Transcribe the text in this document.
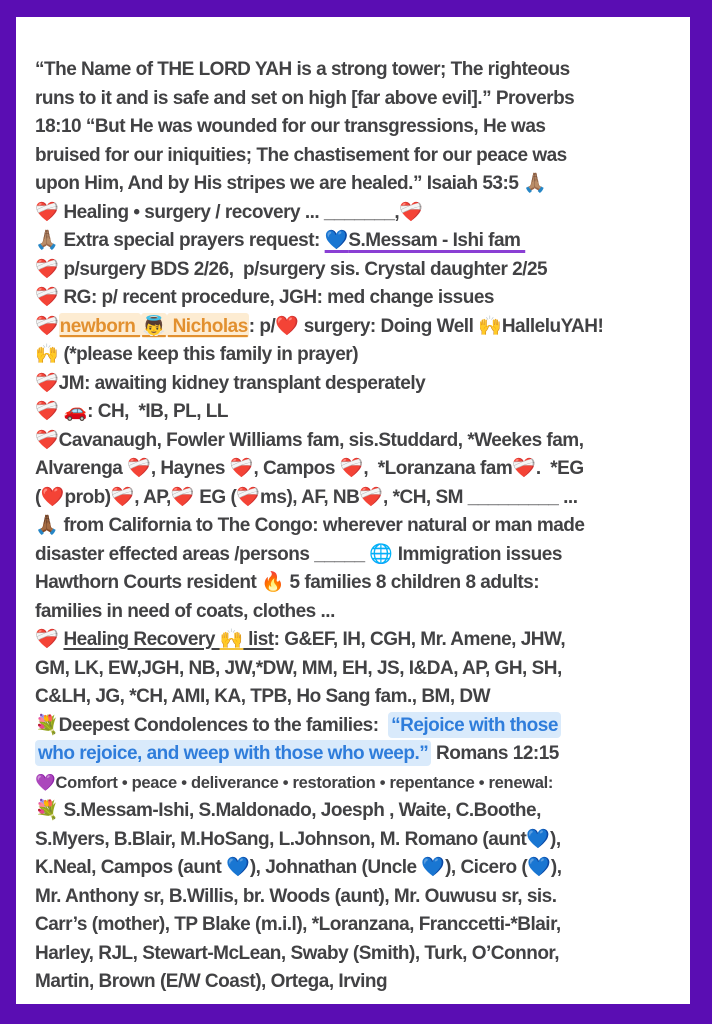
“The Name of THE LORD YAH is a strong tower; The righteous
runs to it and is safe and set on high [far above evil].” Proverbs
18:10 “But He was wounded for our transgressions, He was
bruised for our iniquities; The chastisement for our peace was
upon Him, And by His stripes we are healed.” Isaiah 53:5 🙏🏽
❤️‍🩹 Healing • surgery / recovery ... _______,❤️‍🩹
🙏🏽 Extra special prayers request: 💙S.Messam - Ishi fam
❤️‍🩹 p/surgery BDS 2/26,  p/surgery sis. Crystal daughter 2/25
❤️‍🩹 RG: p/ recent procedure, JGH: med change issues
❤️‍🩹newborn 👼 Nicholas: p/❤️ surgery: Doing Well 🙌HalleluYAH!
🙌 (*please keep this family in prayer)
❤️‍🩹JM: awaiting kidney transplant desperately
❤️‍🩹 🚗: CH,  *IB, PL, LL
❤️‍🩹Cavanaugh, Fowler Williams fam, sis.Studdard, *Weekes fam,
Alvarenga ❤️‍🩹, Haynes ❤️‍🩹, Campos ❤️‍🩹,  *Loranzana fam❤️‍🩹.  *EG
(❤️prob)❤️‍🩹, AP,❤️‍🩹 EG (❤️‍🩹ms), AF, NB❤️‍🩹, *CH, SM _________ ...
🙏🏾 from California to The Congo: wherever natural or man made
disaster effected areas /persons _____ 🌐 Immigration issues
Hawthorn Courts resident 🔥 5 families 8 children 8 adults:
families in need of coats, clothes ...
❤️‍🩹 Healing Recovery 🙌 list: G&EF, IH, CGH, Mr. Amene, JHW,
GM, LK, EW,JGH, NB, JW,*DW, MM, EH, JS, I&DA, AP, GH, SH,
C&LH, JG, *CH, AMI, KA, TPB, Ho Sang fam., BM, DW
💐Deepest Condolences to the families:  “Rejoice with those
who rejoice, and weep with those who weep.” Romans 12:15
💜Comfort • peace • deliverance • restoration • repentance • renewal:
💐 S.Messam-Ishi, S.Maldonado, Joesph , Waite, C.Boothe,
S.Myers, B.Blair, M.HoSang, L.Johnson, M. Romano (aunt💙),
K.Neal, Campos (aunt 💙), Johnathan (Uncle 💙), Cicero (💙),
Mr. Anthony sr, B.Willis, br. Woods (aunt), Mr. Ouwusu sr, sis.
Carr’s (mother), TP Blake (m.i.l), *Loranzana, Franccetti-*Blair,
Harley, RJL, Stewart-McLean, Swaby (Smith), Turk, O’Connor,
Martin, Brown (E/W Coast), Ortega, Irving
